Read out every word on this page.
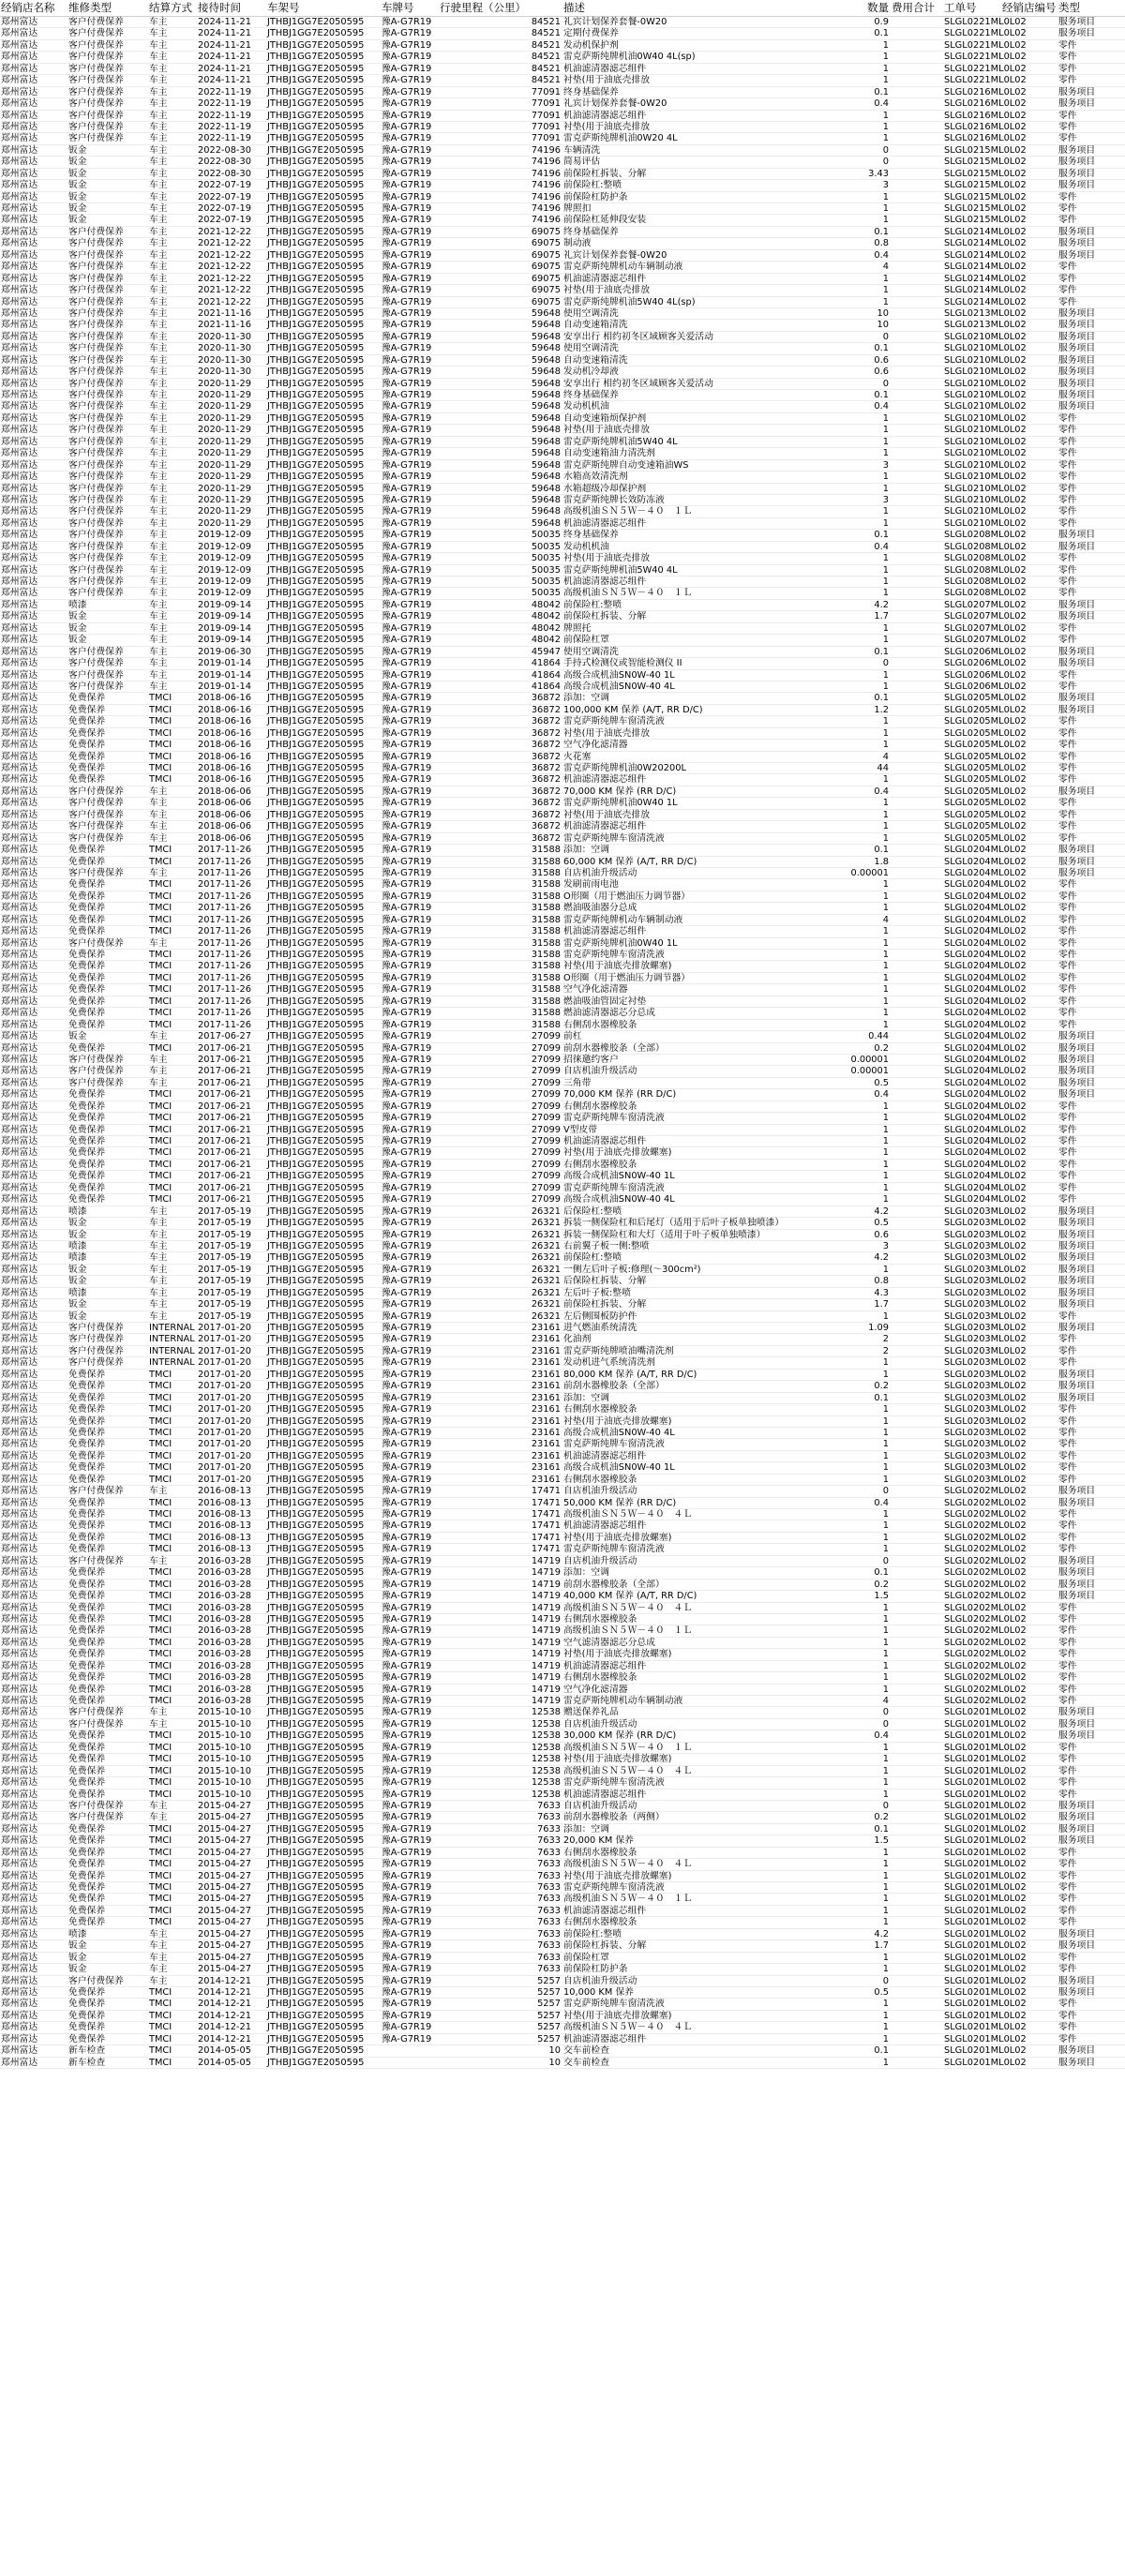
经销店名称	维修类型	结算方式 接待时间	车架号	车牌号	行驶里程（公里）	描述	数量 费用合计 工单号	经销店编号 类型
郑州富达	客户付费保养	车主	2024-11-21	JTHBJ1GG7E2050595	豫A-G7R19	84521 礼宾计划保养套餐-0W20	0.9	SLGL0221ML0L02	服务项目
郑州富达	客户付费保养	车主	2024-11-21	JTHBJ1GG7E2050595	豫A-G7R19	84521 定期付费保养	0.1	SLGL0221ML0L02	服务项目
郑州富达	客户付费保养	车主	2024-11-21	JTHBJ1GG7E2050595	豫A-G7R19	84521 发动机保护剂	1	SLGL0221ML0L02	零件
郑州富达	客户付费保养	车主	2024-11-21	JTHBJ1GG7E2050595	豫A-G7R19	84521 雷克萨斯纯牌机油0W40 4L(sp)	1	SLGL0221ML0L02	零件
郑州富达	客户付费保养	车主	2024-11-21	JTHBJ1GG7E2050595	豫A-G7R19	84521 机油滤清器滤芯组件	1	SLGL0221ML0L02	零件
郑州富达	客户付费保养	车主	2024-11-21	JTHBJ1GG7E2050595	豫A-G7R19	84521 衬垫(用于油底壳排放	1	SLGL0221ML0L02	零件
郑州富达	客户付费保养	车主	2022-11-19	JTHBJ1GG7E2050595	豫A-G7R19	77091 终身基础保养	0.1	SLGL0216ML0L02	服务项目
郑州富达	客户付费保养	车主	2022-11-19	JTHBJ1GG7E2050595	豫A-G7R19	77091 礼宾计划保养套餐-0W20	0.4	SLGL0216ML0L02	服务项目
郑州富达	客户付费保养	车主	2022-11-19	JTHBJ1GG7E2050595	豫A-G7R19	77091 机油滤清器滤芯组件	1	SLGL0216ML0L02	零件
郑州富达	客户付费保养	车主	2022-11-19	JTHBJ1GG7E2050595	豫A-G7R19	77091 衬垫(用于油底壳排放	1	SLGL0216ML0L02	零件
郑州富达	客户付费保养	车主	2022-11-19	JTHBJ1GG7E2050595	豫A-G7R19	77091 雷克萨斯纯牌机油0W20 4L	1	SLGL0216ML0L02	零件
郑州富达	钣金	车主	2022-08-30	JTHBJ1GG7E2050595	豫A-G7R19	74196 车辆清洗	0	SLGL0215ML0L02	服务项目
郑州富达	钣金	车主	2022-08-30	JTHBJ1GG7E2050595	豫A-G7R19	74196 简易评估	0	SLGL0215ML0L02	服务项目
郑州富达	钣金	车主	2022-08-30	JTHBJ1GG7E2050595	豫A-G7R19	74196 前保险杠拆装、分解	3.43	SLGL0215ML0L02	服务项目
郑州富达	钣金	车主	2022-07-19	JTHBJ1GG7E2050595	豫A-G7R19	74196 前保险杠:整喷	3	SLGL0215ML0L02	服务项目
郑州富达	钣金	车主	2022-07-19	JTHBJ1GG7E2050595	豫A-G7R19	74196 前保险杠防护条	1	SLGL0215ML0L02	零件
郑州富达	钣金	车主	2022-07-19	JTHBJ1GG7E2050595	豫A-G7R19	74196 牌照扣	1	SLGL0215ML0L02	零件
郑州富达	钣金	车主	2022-07-19	JTHBJ1GG7E2050595	豫A-G7R19	74196 前保险杠延伸段安装	1	SLGL0215ML0L02	零件
郑州富达	客户付费保养	车主	2021-12-22	JTHBJ1GG7E2050595	豫A-G7R19	69075 终身基础保养	0.1	SLGL0214ML0L02	服务项目
郑州富达	客户付费保养	车主	2021-12-22	JTHBJ1GG7E2050595	豫A-G7R19	69075 制动液	0.8	SLGL0214ML0L02	服务项目
郑州富达	客户付费保养	车主	2021-12-22	JTHBJ1GG7E2050595	豫A-G7R19	69075 礼宾计划保养套餐-0W20	0.4	SLGL0214ML0L02	服务项目
郑州富达	客户付费保养	车主	2021-12-22	JTHBJ1GG7E2050595	豫A-G7R19	69075 雷克萨斯纯牌机动车辆制动液	4	SLGL0214ML0L02	零件
郑州富达	客户付费保养	车主	2021-12-22	JTHBJ1GG7E2050595	豫A-G7R19	69075 机油滤清器滤芯组件	1	SLGL0214ML0L02	零件
郑州富达	客户付费保养	车主	2021-12-22	JTHBJ1GG7E2050595	豫A-G7R19	69075 衬垫(用于油底壳排放	1	SLGL0214ML0L02	零件
郑州富达	客户付费保养	车主	2021-12-22	JTHBJ1GG7E2050595	豫A-G7R19	69075 雷克萨斯纯牌机油5W40 4L(sp)	1	SLGL0214ML0L02	零件
郑州富达	客户付费保养	车主	2021-11-16	JTHBJ1GG7E2050595	豫A-G7R19	59648 使用空调清洗	10	SLGL0213ML0L02	服务项目
郑州富达	客户付费保养	车主	2021-11-16	JTHBJ1GG7E2050595	豫A-G7R19	59648 自动变速箱清洗	10	SLGL0213ML0L02	服务项目
郑州富达	客户付费保养	车主	2020-11-30	JTHBJ1GG7E2050595	豫A-G7R19	59648 安享出行 相约初冬区域顾客关爱活动	0	SLGL0210ML0L02	服务项目
郑州富达	客户付费保养	车主	2020-11-30	JTHBJ1GG7E2050595	豫A-G7R19	59648 使用空调清洗	0.1	SLGL0210ML0L02	服务项目
郑州富达	客户付费保养	车主	2020-11-30	JTHBJ1GG7E2050595	豫A-G7R19	59648 自动变速箱清洗	0.6	SLGL0210ML0L02	服务项目
郑州富达	客户付费保养	车主	2020-11-30	JTHBJ1GG7E2050595	豫A-G7R19	59648 发动机冷却液	0.6	SLGL0210ML0L02	服务项目
郑州富达	客户付费保养	车主	2020-11-29	JTHBJ1GG7E2050595	豫A-G7R19	59648 安享出行 相约初冬区域顾客关爱活动	0	SLGL0210ML0L02	服务项目
郑州富达	客户付费保养	车主	2020-11-29	JTHBJ1GG7E2050595	豫A-G7R19	59648 终身基础保养	0.1	SLGL0210ML0L02	服务项目
郑州富达	客户付费保养	车主	2020-11-29	JTHBJ1GG7E2050595	豫A-G7R19	59648 发动机机油	0.4	SLGL0210ML0L02	服务项目
郑州富达	客户付费保养	车主	2020-11-29	JTHBJ1GG7E2050595	豫A-G7R19	59648 自动变速箱烦保护剂	1	SLGL0210ML0L02	零件
郑州富达	客户付费保养	车主	2020-11-29	JTHBJ1GG7E2050595	豫A-G7R19	59648 衬垫(用于油底壳排放	1	SLGL0210ML0L02	零件
郑州富达	客户付费保养	车主	2020-11-29	JTHBJ1GG7E2050595	豫A-G7R19	59648 雷克萨斯纯牌机油5W40 4L	1	SLGL0210ML0L02	零件
郑州富达	客户付费保养	车主	2020-11-29	JTHBJ1GG7E2050595	豫A-G7R19	59648 自动变速箱油力清洗剂	1	SLGL0210ML0L02	零件
郑州富达	客户付费保养	车主	2020-11-29	JTHBJ1GG7E2050595	豫A-G7R19	59648 雷克萨斯纯牌自动变速箱油WS	3	SLGL0210ML0L02	零件
郑州富达	客户付费保养	车主	2020-11-29	JTHBJ1GG7E2050595	豫A-G7R19	59648 水箱高效清洗剂	1	SLGL0210ML0L02	零件
郑州富达	客户付费保养	车主	2020-11-29	JTHBJ1GG7E2050595	豫A-G7R19	59648 水箱超级冷却保护剂	1	SLGL0210ML0L02	零件
郑州富达	客户付费保养	车主	2020-11-29	JTHBJ1GG7E2050595	豫A-G7R19	59648 雷克萨斯纯牌长效防冻液	3	SLGL0210ML0L02	零件
郑州富达	客户付费保养	车主	2020-11-29	JTHBJ1GG7E2050595	豫A-G7R19	59648 高级机油ＳＮ５Ｗ－４０　１Ｌ	1	SLGL0210ML0L02	零件
郑州富达	客户付费保养	车主	2020-11-29	JTHBJ1GG7E2050595	豫A-G7R19	59648 机油滤清器滤芯组件	1	SLGL0210ML0L02	零件
郑州富达	客户付费保养	车主	2019-12-09	JTHBJ1GG7E2050595	豫A-G7R19	50035 终身基础保养	0.1	SLGL0208ML0L02	服务项目
郑州富达	客户付费保养	车主	2019-12-09	JTHBJ1GG7E2050595	豫A-G7R19	50035 发动机机油	0.4	SLGL0208ML0L02	服务项目
郑州富达	客户付费保养	车主	2019-12-09	JTHBJ1GG7E2050595	豫A-G7R19	50035 衬垫(用于油底壳排放	1	SLGL0208ML0L02	零件
郑州富达	客户付费保养	车主	2019-12-09	JTHBJ1GG7E2050595	豫A-G7R19	50035 雷克萨斯纯牌机油5W40 4L	1	SLGL0208ML0L02	零件
郑州富达	客户付费保养	车主	2019-12-09	JTHBJ1GG7E2050595	豫A-G7R19	50035 机油滤清器滤芯组件	1	SLGL0208ML0L02	零件
郑州富达	客户付费保养	车主	2019-12-09	JTHBJ1GG7E2050595	豫A-G7R19	50035 高级机油ＳＮ５Ｗ－４０　１Ｌ	1	SLGL0208ML0L02	零件
郑州富达	喷漆	车主	2019-09-14	JTHBJ1GG7E2050595	豫A-G7R19	48042 前保险杠:整喷	4.2	SLGL0207ML0L02	服务项目
郑州富达	钣金	车主	2019-09-14	JTHBJ1GG7E2050595	豫A-G7R19	48042 前保险杠拆装、分解	1.7	SLGL0207ML0L02	服务项目
郑州富达	钣金	车主	2019-09-14	JTHBJ1GG7E2050595	豫A-G7R19	48042 牌照托	1	SLGL0207ML0L02	零件
郑州富达	钣金	车主	2019-09-14	JTHBJ1GG7E2050595	豫A-G7R19	48042 前保险杠罩	1	SLGL0207ML0L02	零件
郑州富达	客户付费保养	车主	2019-06-30	JTHBJ1GG7E2050595	豫A-G7R19	45947 使用空调清洗	0.1	SLGL0206ML0L02	服务项目
郑州富达	客户付费保养	车主	2019-01-14	JTHBJ1GG7E2050595	豫A-G7R19	41864 手持式检测仪或智能检测仪 II	0	SLGL0206ML0L02	服务项目
郑州富达	客户付费保养	车主	2019-01-14	JTHBJ1GG7E2050595	豫A-G7R19	41864 高级合成机油SN0W-40 1L	1	SLGL0206ML0L02	零件
郑州富达	客户付费保养	车主	2019-01-14	JTHBJ1GG7E2050595	豫A-G7R19	41864 高级合成机油SN0W-40 4L	1	SLGL0206ML0L02	零件
郑州富达	免费保养	TMCI	2018-06-16	JTHBJ1GG7E2050595	豫A-G7R19	36872 添加：空调	0.1	SLGL0205ML0L02	服务项目
郑州富达	免费保养	TMCI	2018-06-16	JTHBJ1GG7E2050595	豫A-G7R19	36872 100,000 KM 保养 (A/T, RR D/C)	1.2	SLGL0205ML0L02	服务项目
郑州富达	免费保养	TMCI	2018-06-16	JTHBJ1GG7E2050595	豫A-G7R19	36872 雷克萨斯纯牌车窗清洗液	1	SLGL0205ML0L02	零件
郑州富达	免费保养	TMCI	2018-06-16	JTHBJ1GG7E2050595	豫A-G7R19	36872 衬垫(用于油底壳排放	1	SLGL0205ML0L02	零件
郑州富达	免费保养	TMCI	2018-06-16	JTHBJ1GG7E2050595	豫A-G7R19	36872 空气净化滤清器	1	SLGL0205ML0L02	零件
郑州富达	免费保养	TMCI	2018-06-16	JTHBJ1GG7E2050595	豫A-G7R19	36872 火花塞	4	SLGL0205ML0L02	零件
郑州富达	免费保养	TMCI	2018-06-16	JTHBJ1GG7E2050595	豫A-G7R19	36872 雷克萨斯纯牌机油0W20200L	44	SLGL0205ML0L02	零件
郑州富达	免费保养	TMCI	2018-06-16	JTHBJ1GG7E2050595	豫A-G7R19	36872 机油滤清器滤芯组件	1	SLGL0205ML0L02	零件
郑州富达	客户付费保养	车主	2018-06-06	JTHBJ1GG7E2050595	豫A-G7R19	36872 70,000 KM 保养 (RR D/C)	0.4	SLGL0205ML0L02	服务项目
郑州富达	客户付费保养	车主	2018-06-06	JTHBJ1GG7E2050595	豫A-G7R19	36872 雷克萨斯纯牌机油0W40 1L	1	SLGL0205ML0L02	零件
郑州富达	客户付费保养	车主	2018-06-06	JTHBJ1GG7E2050595	豫A-G7R19	36872 衬垫(用于油底壳排放	1	SLGL0205ML0L02	零件
郑州富达	客户付费保养	车主	2018-06-06	JTHBJ1GG7E2050595	豫A-G7R19	36872 机油滤清器滤芯组件	1	SLGL0205ML0L02	零件
郑州富达	客户付费保养	车主	2018-06-06	JTHBJ1GG7E2050595	豫A-G7R19	36872 雷克萨斯纯牌车窗清洗液	1	SLGL0205ML0L02	零件
郑州富达	免费保养	TMCI	2017-11-26	JTHBJ1GG7E2050595	豫A-G7R19	31588 添加：空调	0.1	SLGL0204ML0L02	服务项目
郑州富达	免费保养	TMCI	2017-11-26	JTHBJ1GG7E2050595	豫A-G7R19	31588 60,000 KM 保养 (A/T, RR D/C)	1.8	SLGL0204ML0L02	服务项目
郑州富达	客户付费保养	车主	2017-11-26	JTHBJ1GG7E2050595	豫A-G7R19	31588 自店机油升级活动	0.00001	SLGL0204ML0L02	服务项目
郑州富达	免费保养	TMCI	2017-11-26	JTHBJ1GG7E2050595	豫A-G7R19	31588 发刷前雨电池	1	SLGL0204ML0L02	零件
郑州富达	免费保养	TMCI	2017-11-26	JTHBJ1GG7E2050595	豫A-G7R19	31588 O形圈（用于燃油压力调节器）	1	SLGL0204ML0L02	零件
郑州富达	免费保养	TMCI	2017-11-26	JTHBJ1GG7E2050595	豫A-G7R19	31588 燃油吸油器分总成	1	SLGL0204ML0L02	零件
郑州富达	免费保养	TMCI	2017-11-26	JTHBJ1GG7E2050595	豫A-G7R19	31588 雷克萨斯纯牌机动车辆制动液	4	SLGL0204ML0L02	零件
郑州富达	免费保养	TMCI	2017-11-26	JTHBJ1GG7E2050595	豫A-G7R19	31588 机油滤清器滤芯组件	1	SLGL0204ML0L02	零件
郑州富达	客户付费保养	车主	2017-11-26	JTHBJ1GG7E2050595	豫A-G7R19	31588 雷克萨斯纯牌机油0W40 1L	1	SLGL0204ML0L02	零件
郑州富达	免费保养	TMCI	2017-11-26	JTHBJ1GG7E2050595	豫A-G7R19	31588 雷克萨斯纯牌车窗清洗液	1	SLGL0204ML0L02	零件
郑州富达	免费保养	TMCI	2017-11-26	JTHBJ1GG7E2050595	豫A-G7R19	31588 衬垫(用于油底壳排放螺塞)	1	SLGL0204ML0L02	零件
郑州富达	免费保养	TMCI	2017-11-26	JTHBJ1GG7E2050595	豫A-G7R19	31588 O形圈（用于燃油压力调节器）	1	SLGL0204ML0L02	零件
郑州富达	免费保养	TMCI	2017-11-26	JTHBJ1GG7E2050595	豫A-G7R19	31588 空气净化滤清器	1	SLGL0204ML0L02	零件
郑州富达	免费保养	TMCI	2017-11-26	JTHBJ1GG7E2050595	豫A-G7R19	31588 燃油吸油管固定衬垫	1	SLGL0204ML0L02	零件
郑州富达	免费保养	TMCI	2017-11-26	JTHBJ1GG7E2050595	豫A-G7R19	31588 燃油滤清器滤芯分总成	1	SLGL0204ML0L02	零件
郑州富达	免费保养	TMCI	2017-11-26	JTHBJ1GG7E2050595	豫A-G7R19	31588 右侧刮水器橡胶条	1	SLGL0204ML0L02	零件
郑州富达	钣金	车主	2017-06-27	JTHBJ1GG7E2050595	豫A-G7R19	27099 前杠	0.44	SLGL0204ML0L02	服务项目
郑州富达	免费保养	TMCI	2017-06-21	JTHBJ1GG7E2050595	豫A-G7R19	27099 前刮水器橡胶条（全部）	0.2	SLGL0204ML0L02	服务项目
郑州富达	客户付费保养	车主	2017-06-21	JTHBJ1GG7E2050595	豫A-G7R19	27099 招徕邀约客户	0.00001	SLGL0204ML0L02	服务项目
郑州富达	客户付费保养	车主	2017-06-21	JTHBJ1GG7E2050595	豫A-G7R19	27099 自店机油升级活动	0.00001	SLGL0204ML0L02	服务项目
郑州富达	客户付费保养	车主	2017-06-21	JTHBJ1GG7E2050595	豫A-G7R19	27099 三角带	0.5	SLGL0204ML0L02	服务项目
郑州富达	免费保养	TMCI	2017-06-21	JTHBJ1GG7E2050595	豫A-G7R19	27099 70,000 KM 保养 (RR D/C)	0.4	SLGL0204ML0L02	服务项目
郑州富达	免费保养	TMCI	2017-06-21	JTHBJ1GG7E2050595	豫A-G7R19	27099 右侧刮水器橡胶条	1	SLGL0204ML0L02	零件
郑州富达	免费保养	TMCI	2017-06-21	JTHBJ1GG7E2050595	豫A-G7R19	27099 雷克萨斯纯牌车窗清洗液	1	SLGL0204ML0L02	零件
郑州富达	免费保养	TMCI	2017-06-21	JTHBJ1GG7E2050595	豫A-G7R19	27099 V型皮带	1	SLGL0204ML0L02	零件
郑州富达	免费保养	TMCI	2017-06-21	JTHBJ1GG7E2050595	豫A-G7R19	27099 机油滤清器滤芯组件	1	SLGL0204ML0L02	零件
郑州富达	免费保养	TMCI	2017-06-21	JTHBJ1GG7E2050595	豫A-G7R19	27099 衬垫(用于油底壳排放螺塞)	1	SLGL0204ML0L02	零件
郑州富达	免费保养	TMCI	2017-06-21	JTHBJ1GG7E2050595	豫A-G7R19	27099 右侧刮水器橡胶条	1	SLGL0204ML0L02	零件
郑州富达	免费保养	TMCI	2017-06-21	JTHBJ1GG7E2050595	豫A-G7R19	27099 高级合成机油SN0W-40 1L	1	SLGL0204ML0L02	零件
郑州富达	免费保养	TMCI	2017-06-21	JTHBJ1GG7E2050595	豫A-G7R19	27099 雷克萨斯纯牌车窗清洗液	1	SLGL0204ML0L02	零件
郑州富达	免费保养	TMCI	2017-06-21	JTHBJ1GG7E2050595	豫A-G7R19	27099 高级合成机油SN0W-40 4L	1	SLGL0204ML0L02	零件
郑州富达	喷漆	车主	2017-05-19	JTHBJ1GG7E2050595	豫A-G7R19	26321 后保险杠:整喷	4.2	SLGL0203ML0L02	服务项目
郑州富达	钣金	车主	2017-05-19	JTHBJ1GG7E2050595	豫A-G7R19	26321 拆装一侧保险杠和后尾灯（适用于后叶子板单独喷漆）	0.5	SLGL0203ML0L02	服务项目
郑州富达	钣金	车主	2017-05-19	JTHBJ1GG7E2050595	豫A-G7R19	26321 拆装一侧保险杠和大灯（适用于叶子板单独喷漆）	0.6	SLGL0203ML0L02	服务项目
郑州富达	喷漆	车主	2017-05-19	JTHBJ1GG7E2050595	豫A-G7R19	26321 右前翼子板一侧:整喷	3	SLGL0203ML0L02	服务项目
郑州富达	喷漆	车主	2017-05-19	JTHBJ1GG7E2050595	豫A-G7R19	26321 前保险杠:整喷	4.2	SLGL0203ML0L02	服务项目
郑州富达	钣金	车主	2017-05-19	JTHBJ1GG7E2050595	豫A-G7R19	26321 一侧左后叶子板:修理(～300cm²)	1	SLGL0203ML0L02	服务项目
郑州富达	钣金	车主	2017-05-19	JTHBJ1GG7E2050595	豫A-G7R19	26321 后保险杠拆装、分解	0.8	SLGL0203ML0L02	服务项目
郑州富达	喷漆	车主	2017-05-19	JTHBJ1GG7E2050595	豫A-G7R19	26321 左后叶子板:整喷	4.3	SLGL0203ML0L02	服务项目
郑州富达	钣金	车主	2017-05-19	JTHBJ1GG7E2050595	豫A-G7R19	26321 前保险杠拆装、分解	1.7	SLGL0203ML0L02	服务项目
郑州富达	钣金	车主	2017-05-19	JTHBJ1GG7E2050595	豫A-G7R19	26321 左后侧围板防护件	1	SLGL0203ML0L02	零件
郑州富达	客户付费保养	INTERNAL 2017-01-20	JTHBJ1GG7E2050595	豫A-G7R19	23161 进气燃油系统清洗	1.09	SLGL0203ML0L02	服务项目
郑州富达	客户付费保养	INTERNAL 2017-01-20	JTHBJ1GG7E2050595	豫A-G7R19	23161 化油剂	2	SLGL0203ML0L02	零件
郑州富达	客户付费保养	INTERNAL 2017-01-20	JTHBJ1GG7E2050595	豫A-G7R19	23161 雷克萨斯纯牌喷油嘴清洗剂	2	SLGL0203ML0L02	零件
郑州富达	客户付费保养	INTERNAL 2017-01-20	JTHBJ1GG7E2050595	豫A-G7R19	23161 发动机进气系统清洗剂	1	SLGL0203ML0L02	零件
郑州富达	免费保养	TMCI	2017-01-20	JTHBJ1GG7E2050595	豫A-G7R19	23161 80,000 KM 保养 (A/T, RR D/C)	1	SLGL0203ML0L02	服务项目
郑州富达	免费保养	TMCI	2017-01-20	JTHBJ1GG7E2050595	豫A-G7R19	23161 前刮水器橡胶条（全部）	0.2	SLGL0203ML0L02	服务项目
郑州富达	免费保养	TMCI	2017-01-20	JTHBJ1GG7E2050595	豫A-G7R19	23161 添加：空调	0.1	SLGL0203ML0L02	服务项目
郑州富达	免费保养	TMCI	2017-01-20	JTHBJ1GG7E2050595	豫A-G7R19	23161 右侧刮水器橡胶条	1	SLGL0203ML0L02	零件
郑州富达	免费保养	TMCI	2017-01-20	JTHBJ1GG7E2050595	豫A-G7R19	23161 衬垫(用于油底壳排放螺塞)	1	SLGL0203ML0L02	零件
郑州富达	免费保养	TMCI	2017-01-20	JTHBJ1GG7E2050595	豫A-G7R19	23161 高级合成机油SN0W-40 4L	1	SLGL0203ML0L02	零件
郑州富达	免费保养	TMCI	2017-01-20	JTHBJ1GG7E2050595	豫A-G7R19	23161 雷克萨斯纯牌车窗清洗液	1	SLGL0203ML0L02	零件
郑州富达	免费保养	TMCI	2017-01-20	JTHBJ1GG7E2050595	豫A-G7R19	23161 机油滤清器滤芯组件	1	SLGL0203ML0L02	零件
郑州富达	免费保养	TMCI	2017-01-20	JTHBJ1GG7E2050595	豫A-G7R19	23161 高级合成机油SN0W-40 1L	1	SLGL0203ML0L02	零件
郑州富达	免费保养	TMCI	2017-01-20	JTHBJ1GG7E2050595	豫A-G7R19	23161 右侧刮水器橡胶条	1	SLGL0203ML0L02	零件
郑州富达	客户付费保养	车主	2016-08-13	JTHBJ1GG7E2050595	豫A-G7R19	17471 自店机油升级活动	0	SLGL0202ML0L02	服务项目
郑州富达	免费保养	TMCI	2016-08-13	JTHBJ1GG7E2050595	豫A-G7R19	17471 50,000 KM 保养 (RR D/C)	0.4	SLGL0202ML0L02	服务项目
郑州富达	免费保养	TMCI	2016-08-13	JTHBJ1GG7E2050595	豫A-G7R19	17471 高级机油ＳＮ５Ｗ－４０　４Ｌ	1	SLGL0202ML0L02	零件
郑州富达	免费保养	TMCI	2016-08-13	JTHBJ1GG7E2050595	豫A-G7R19	17471 机油滤清器滤芯组件	1	SLGL0202ML0L02	零件
郑州富达	免费保养	TMCI	2016-08-13	JTHBJ1GG7E2050595	豫A-G7R19	17471 衬垫(用于油底壳排放螺塞)	1	SLGL0202ML0L02	零件
郑州富达	免费保养	TMCI	2016-08-13	JTHBJ1GG7E2050595	豫A-G7R19	17471 雷克萨斯纯牌车窗清洗液	1	SLGL0202ML0L02	零件
郑州富达	客户付费保养	车主	2016-03-28	JTHBJ1GG7E2050595	豫A-G7R19	14719 自店机油升级活动	0	SLGL0202ML0L02	服务项目
郑州富达	免费保养	TMCI	2016-03-28	JTHBJ1GG7E2050595	豫A-G7R19	14719 添加：空调	0.1	SLGL0202ML0L02	服务项目
郑州富达	免费保养	TMCI	2016-03-28	JTHBJ1GG7E2050595	豫A-G7R19	14719 前刮水器橡胶条（全部）	0.2	SLGL0202ML0L02	服务项目
郑州富达	免费保养	TMCI	2016-03-28	JTHBJ1GG7E2050595	豫A-G7R19	14719 40,000 KM 保养 (A/T, RR D/C)	1.5	SLGL0202ML0L02	服务项目
郑州富达	免费保养	TMCI	2016-03-28	JTHBJ1GG7E2050595	豫A-G7R19	14719 高级机油ＳＮ５Ｗ－４０　４Ｌ	1	SLGL0202ML0L02	零件
郑州富达	免费保养	TMCI	2016-03-28	JTHBJ1GG7E2050595	豫A-G7R19	14719 右侧刮水器橡胶条	1	SLGL0202ML0L02	零件
郑州富达	免费保养	TMCI	2016-03-28	JTHBJ1GG7E2050595	豫A-G7R19	14719 高级机油ＳＮ５Ｗ－４０　１Ｌ	1	SLGL0202ML0L02	零件
郑州富达	免费保养	TMCI	2016-03-28	JTHBJ1GG7E2050595	豫A-G7R19	14719 空气滤清器滤芯分总成	1	SLGL0202ML0L02	零件
郑州富达	免费保养	TMCI	2016-03-28	JTHBJ1GG7E2050595	豫A-G7R19	14719 衬垫(用于油底壳排放螺塞)	1	SLGL0202ML0L02	零件
郑州富达	免费保养	TMCI	2016-03-28	JTHBJ1GG7E2050595	豫A-G7R19	14719 机油滤清器滤芯组件	1	SLGL0202ML0L02	零件
郑州富达	免费保养	TMCI	2016-03-28	JTHBJ1GG7E2050595	豫A-G7R19	14719 右侧刮水器橡胶条	1	SLGL0202ML0L02	零件
郑州富达	免费保养	TMCI	2016-03-28	JTHBJ1GG7E2050595	豫A-G7R19	14719 空气净化滤清器	1	SLGL0202ML0L02	零件
郑州富达	免费保养	TMCI	2016-03-28	JTHBJ1GG7E2050595	豫A-G7R19	14719 雷克萨斯纯牌机动车辆制动液	4	SLGL0202ML0L02	零件
郑州富达	客户付费保养	车主	2015-10-10	JTHBJ1GG7E2050595	豫A-G7R19	12538 赠送保养礼品	0	SLGL0201ML0L02	服务项目
郑州富达	客户付费保养	车主	2015-10-10	JTHBJ1GG7E2050595	豫A-G7R19	12538 自店机油升级活动	0	SLGL0201ML0L02	服务项目
郑州富达	免费保养	TMCI	2015-10-10	JTHBJ1GG7E2050595	豫A-G7R19	12538 30,000 KM 保养 (RR D/C)	0.4	SLGL0201ML0L02	服务项目
郑州富达	免费保养	TMCI	2015-10-10	JTHBJ1GG7E2050595	豫A-G7R19	12538 高级机油ＳＮ５Ｗ－４０　１Ｌ	1	SLGL0201ML0L02	零件
郑州富达	免费保养	TMCI	2015-10-10	JTHBJ1GG7E2050595	豫A-G7R19	12538 衬垫(用于油底壳排放螺塞)	1	SLGL0201ML0L02	零件
郑州富达	免费保养	TMCI	2015-10-10	JTHBJ1GG7E2050595	豫A-G7R19	12538 高级机油ＳＮ５Ｗ－４０　４Ｌ	1	SLGL0201ML0L02	零件
郑州富达	免费保养	TMCI	2015-10-10	JTHBJ1GG7E2050595	豫A-G7R19	12538 雷克萨斯纯牌车窗清洗液	1	SLGL0201ML0L02	零件
郑州富达	免费保养	TMCI	2015-10-10	JTHBJ1GG7E2050595	豫A-G7R19	12538 机油滤清器滤芯组件	1	SLGL0201ML0L02	零件
郑州富达	客户付费保养	车主	2015-04-27	JTHBJ1GG7E2050595	豫A-G7R19	7633 自店机油升级活动	0	SLGL0201ML0L02	服务项目
郑州富达	客户付费保养	车主	2015-04-27	JTHBJ1GG7E2050595	豫A-G7R19	7633 前刮水器橡胶条（两侧）	0.2	SLGL0201ML0L02	服务项目
郑州富达	免费保养	TMCI	2015-04-27	JTHBJ1GG7E2050595	豫A-G7R19	7633 添加：空调	0.1	SLGL0201ML0L02	服务项目
郑州富达	免费保养	TMCI	2015-04-27	JTHBJ1GG7E2050595	豫A-G7R19	7633 20,000 KM 保养	1.5	SLGL0201ML0L02	服务项目
郑州富达	免费保养	TMCI	2015-04-27	JTHBJ1GG7E2050595	豫A-G7R19	7633 右侧刮水器橡胶条	1	SLGL0201ML0L02	零件
郑州富达	免费保养	TMCI	2015-04-27	JTHBJ1GG7E2050595	豫A-G7R19	7633 高级机油ＳＮ５Ｗ－４０　４Ｌ	1	SLGL0201ML0L02	零件
郑州富达	免费保养	TMCI	2015-04-27	JTHBJ1GG7E2050595	豫A-G7R19	7633 衬垫(用于油底壳排放螺塞)	1	SLGL0201ML0L02	零件
郑州富达	免费保养	TMCI	2015-04-27	JTHBJ1GG7E2050595	豫A-G7R19	7633 雷克萨斯纯牌车窗清洗液	1	SLGL0201ML0L02	零件
郑州富达	免费保养	TMCI	2015-04-27	JTHBJ1GG7E2050595	豫A-G7R19	7633 高级机油ＳＮ５Ｗ－４０　１Ｌ	1	SLGL0201ML0L02	零件
郑州富达	免费保养	TMCI	2015-04-27	JTHBJ1GG7E2050595	豫A-G7R19	7633 机油滤清器滤芯组件	1	SLGL0201ML0L02	零件
郑州富达	免费保养	TMCI	2015-04-27	JTHBJ1GG7E2050595	豫A-G7R19	7633 右侧刮水器橡胶条	1	SLGL0201ML0L02	零件
郑州富达	喷漆	车主	2015-04-27	JTHBJ1GG7E2050595	豫A-G7R19	7633 前保险杠:整喷	4.2	SLGL0201ML0L02	服务项目
郑州富达	钣金	车主	2015-04-27	JTHBJ1GG7E2050595	豫A-G7R19	7633 前保险杠拆装、分解	1.7	SLGL0201ML0L02	服务项目
郑州富达	钣金	车主	2015-04-27	JTHBJ1GG7E2050595	豫A-G7R19	7633 前保险杠罩	1	SLGL0201ML0L02	零件
郑州富达	钣金	车主	2015-04-27	JTHBJ1GG7E2050595	豫A-G7R19	7633 前保险杠防护条	1	SLGL0201ML0L02	零件
郑州富达	客户付费保养	车主	2014-12-21	JTHBJ1GG7E2050595	豫A-G7R19	5257 自店机油升级活动	0	SLGL0201ML0L02	服务项目
郑州富达	免费保养	TMCI	2014-12-21	JTHBJ1GG7E2050595	豫A-G7R19	5257 10,000 KM 保养	0.5	SLGL0201ML0L02	服务项目
郑州富达	免费保养	TMCI	2014-12-21	JTHBJ1GG7E2050595	豫A-G7R19	5257 雷克萨斯纯牌车窗清洗液	1	SLGL0201ML0L02	零件
郑州富达	免费保养	TMCI	2014-12-21	JTHBJ1GG7E2050595	豫A-G7R19	5257 衬垫(用于油底壳排放螺塞)	1	SLGL0201ML0L02	零件
郑州富达	免费保养	TMCI	2014-12-21	JTHBJ1GG7E2050595	豫A-G7R19	5257 高级机油ＳＮ５Ｗ－４０　４Ｌ	1	SLGL0201ML0L02	零件
郑州富达	免费保养	TMCI	2014-12-21	JTHBJ1GG7E2050595	豫A-G7R19	5257 机油滤清器滤芯组件	1	SLGL0201ML0L02	零件
郑州富达	新车检查	TMCI	2014-05-05	JTHBJ1GG7E2050595	10 交车前检查	0.1	SLGL0201ML0L02	服务项目
郑州富达	新车检查	TMCI	2014-05-05	JTHBJ1GG7E2050595	10 交车前检查	1	SLGL0201ML0L02	服务项目
